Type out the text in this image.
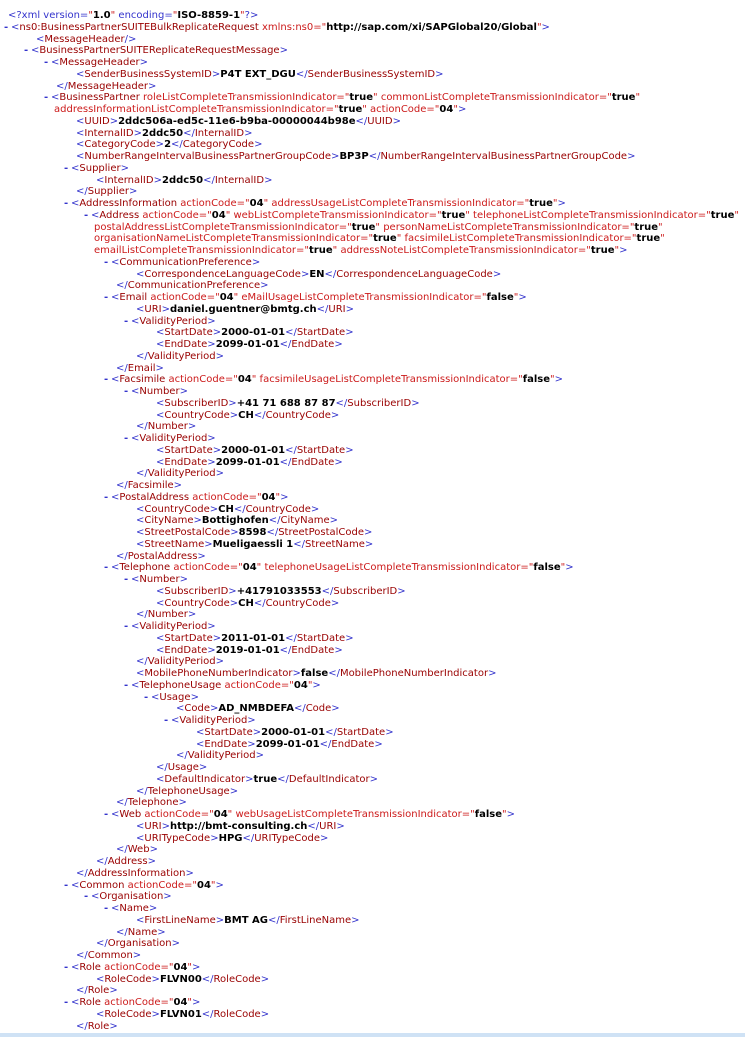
<?xml version="1.0" encoding="ISO-8859-1"?>
- <ns0:BusinessPartnerSUITEBulkReplicateRequest xmlns:ns0="http://sap.com/xi/SAPGlobal20/Global">
<MessageHeader/>
- <BusinessPartnerSUITEReplicateRequestMessage>
- <MessageHeader>
<SenderBusinessSystemID>P4T EXT_DGU</SenderBusinessSystemID>
</MessageHeader>
- <BusinessPartner roleListCompleteTransmissionIndicator="true" commonListCompleteTransmissionIndicator="true"
addressInformationListCompleteTransmissionIndicator="true" actionCode="04">
<UUID>2ddc506a-ed5c-11e6-b9ba-00000044b98e</UUID>
<InternalID>2ddc50</InternalID>
<CategoryCode>2</CategoryCode>
<NumberRangeIntervalBusinessPartnerGroupCode>BP3P</NumberRangeIntervalBusinessPartnerGroupCode>
- <Supplier>
<InternalID>2ddc50</InternalID>
</Supplier>
- <AddressInformation actionCode="04" addressUsageListCompleteTransmissionIndicator="true">
- <Address actionCode="04" webListCompleteTransmissionIndicator="true" telephoneListCompleteTransmissionIndicator="true"
postalAddressListCompleteTransmissionIndicator="true" personNameListCompleteTransmissionIndicator="true"
organisationNameListCompleteTransmissionIndicator="true" facsimileListCompleteTransmissionIndicator="true"
emailListCompleteTransmissionIndicator="true" addressNoteListCompleteTransmissionIndicator="true">
- <CommunicationPreference>
<CorrespondenceLanguageCode>EN</CorrespondenceLanguageCode>
</CommunicationPreference>
- <Email actionCode="04" eMailUsageListCompleteTransmissionIndicator="false">
<URI>daniel.guentner@bmtg.ch</URI>
- <ValidityPeriod>
<StartDate>2000-01-01</StartDate>
<EndDate>2099-01-01</EndDate>
</ValidityPeriod>
</Email>
- <Facsimile actionCode="04" facsimileUsageListCompleteTransmissionIndicator="false">
- <Number>
<SubscriberID>+41 71 688 87 87</SubscriberID>
<CountryCode>CH</CountryCode>
</Number>
- <ValidityPeriod>
<StartDate>2000-01-01</StartDate>
<EndDate>2099-01-01</EndDate>
</ValidityPeriod>
</Facsimile>
- <PostalAddress actionCode="04">
<CountryCode>CH</CountryCode>
<CityName>Bottighofen</CityName>
<StreetPostalCode>8598</StreetPostalCode>
<StreetName>Mueligaessli 1</StreetName>
</PostalAddress>
- <Telephone actionCode="04" telephoneUsageListCompleteTransmissionIndicator="false">
- <Number>
<SubscriberID>+41791033553</SubscriberID>
<CountryCode>CH</CountryCode>
</Number>
- <ValidityPeriod>
<StartDate>2011-01-01</StartDate>
<EndDate>2019-01-01</EndDate>
</ValidityPeriod>
<MobilePhoneNumberIndicator>false</MobilePhoneNumberIndicator>
- <TelephoneUsage actionCode="04">
- <Usage>
<Code>AD_NMBDEFA</Code>
- <ValidityPeriod>
<StartDate>2000-01-01</StartDate>
<EndDate>2099-01-01</EndDate>
</ValidityPeriod>
</Usage>
<DefaultIndicator>true</DefaultIndicator>
</TelephoneUsage>
</Telephone>
- <Web actionCode="04" webUsageListCompleteTransmissionIndicator="false">
<URI>http://bmt-consulting.ch</URI>
<URITypeCode>HPG</URITypeCode>
</Web>
</Address>
</AddressInformation>
- <Common actionCode="04">
- <Organisation>
- <Name>
<FirstLineName>BMT AG</FirstLineName>
</Name>
</Organisation>
</Common>
- <Role actionCode="04">
<RoleCode>FLVN00</RoleCode>
</Role>
- <Role actionCode="04">
<RoleCode>FLVN01</RoleCode>
</Role>
